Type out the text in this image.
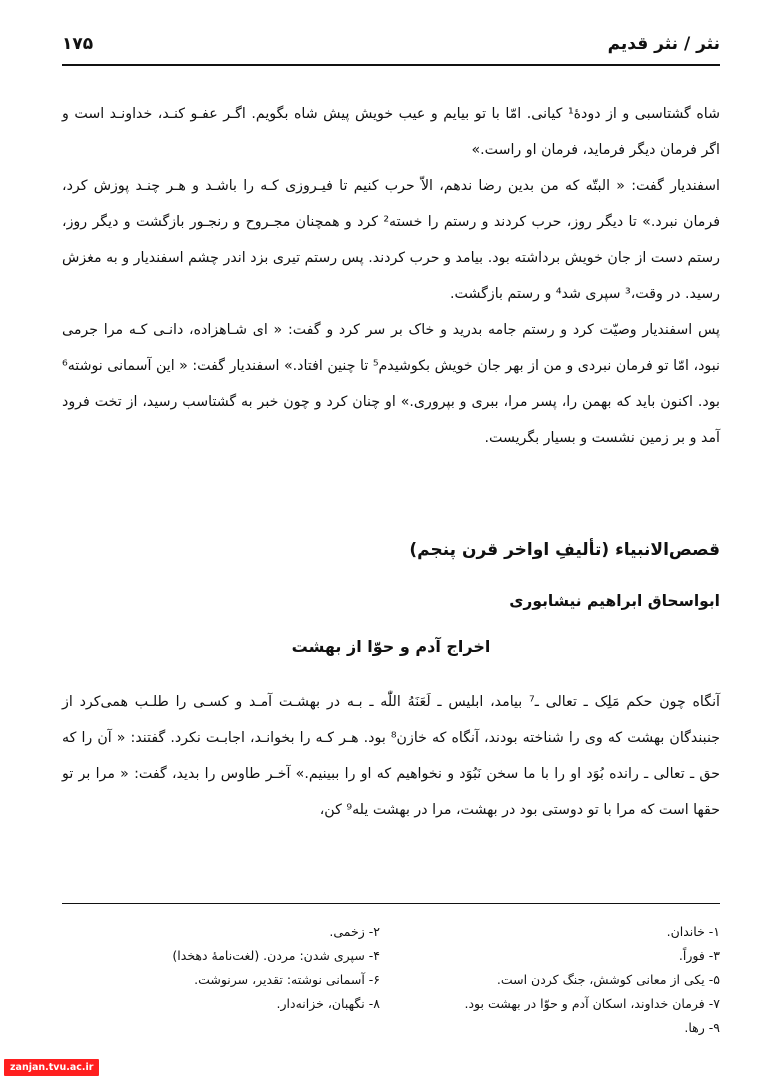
نثر / نثر قدیم
۱۷۵

شاه گشتاسبی و از دودهٔ¹ کیانی. امّا با تو بیایم و عیب خویش پیش شاه بگویم. اگـر عفـو کنـد، خداونـد است و اگر فرمان دیگر فرماید، فرمان او راست.»

اسفندیار گفت: « البتّه که من بدین رضا ندهم، الاّ حرب کنیم تا فیـروزی کـه را باشـد و هـر چنـد پوزش کرد، فرمان نبرد.» تا دیگر روز، حرب کردند و رستم را خسته² کرد و همچنان مجـروح و رنجـور بازگشت و دیگر روز، رستم دست از جان خویش برداشته بود. بیامد و حرب کردند. پس رستم تیری بزد اندر چشم اسفندیار و به مغزش رسید. در وقت،³ سپری شد⁴ و رستم بازگشت.

پس اسفندیار وصیّت کرد و رستم جامه بدرید و خاک بر سر کرد و گفت: « ای شـاهزاده، دانـی کـه مرا جرمی نبود، امّا تو فرمان نبردی و من از بهر جان خویش بکوشیدم⁵ تا چنین افتاد.» اسفندیار گفت: « این آسمانی نوشته⁶ بود. اکنون باید که بهمن را، پسر مرا، ببری و بپروری.» او چنان کرد و چون خبر به گشتاسب رسید، از تخت فرود آمد و بر زمین نشست و بسیار بگریست.

قصص‌الانبیاء (تألیفِ اواخر قرن پنجم)
ابواسحاق ابراهیم نیشابوری
اخراج آدم و حوّا از بهشت

آنگاه چون حکم مَلِک ـ تعالی ـ⁷ بیامد، ابلیس ـ لَعَنَهُ اللّٰه ـ بـه در بهشـت آمـد و کسـی را طلـب همی‌کرد از جنبندگان بهشت که وی را شناخته بودند، آنگاه که خازن⁸ بود. هـر کـه را بخوانـد، اجابـت نکرد. گفتند: « آن را که حق ـ تعالی ـ رانده بُوَد او را با ما سخن نَبُوَد و نخواهیم که او را ببینیم.» آخـر طاوس را بدید، گفت: « مرا بر تو حقها است که مرا با تو دوستی بود در بهشت، مرا در بهشت یله⁹ کن،

۱- خاندان.
۳- فوراً.
۵- یکی از معانی کوشش، جنگ کردن است.
۷- فرمان خداوند، اسکان آدم و حوّا در بهشت بود.
۹- رها.
۲- زخمی.
۴- سپری شدن: مردن. (لغت‌نامهٔ دهخدا)
۶- آسمانی نوشته: تقدیر، سرنوشت.
۸- نگهبان، خزانه‌دار.
zanjan.tvu.ac.ir
